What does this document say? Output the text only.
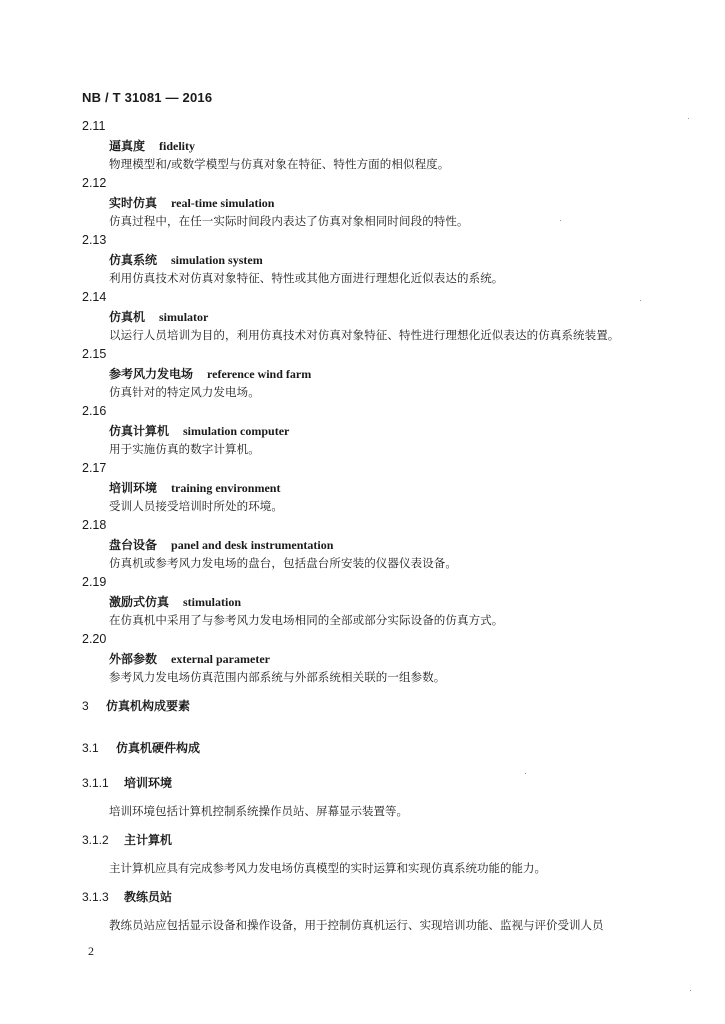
NB / T 31081 — 2016
2.11
逼真度 fidelity
物理模型和/或数学模型与仿真对象在特征、特性方面的相似程度。
2.12
实时仿真 real-time simulation
仿真过程中，在任一实际时间段内表达了仿真对象相同时间段的特性。
2.13
仿真系统 simulation system
利用仿真技术对仿真对象特征、特性或其他方面进行理想化近似表达的系统。
2.14
仿真机 simulator
以运行人员培训为目的，利用仿真技术对仿真对象特征、特性进行理想化近似表达的仿真系统装置。
2.15
参考风力发电场 reference wind farm
仿真针对的特定风力发电场。
2.16
仿真计算机 simulation computer
用于实施仿真的数字计算机。
2.17
培训环境 training environment
受训人员接受培训时所处的环境。
2.18
盘台设备 panel and desk instrumentation
仿真机或参考风力发电场的盘台，包括盘台所安装的仪器仪表设备。
2.19
激励式仿真 stimulation
在仿真机中采用了与参考风力发电场相同的全部或部分实际设备的仿真方式。
2.20
外部参数 external parameter
参考风力发电场仿真范围内部系统与外部系统相关联的一组参数。
3 仿真机构成要素
3.1 仿真机硬件构成
3.1.1 培训环境
培训环境包括计算机控制系统操作员站、屏幕显示装置等。
3.1.2 主计算机
主计算机应具有完成参考风力发电场仿真模型的实时运算和实现仿真系统功能的能力。
3.1.3 教练员站
教练员站应包括显示设备和操作设备，用于控制仿真机运行、实现培训功能、监视与评价受训人员
2
